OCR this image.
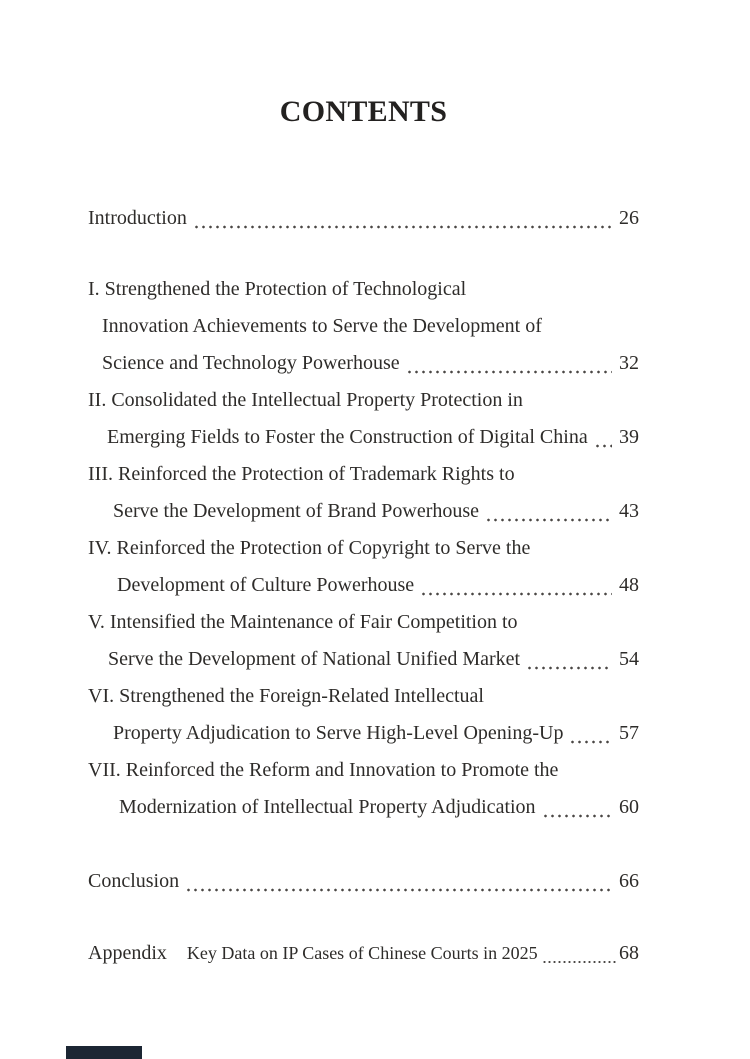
CONTENTS
Introduction	26
I. Strengthened the Protection of Technological
Innovation Achievements to Serve the Development of
Science and Technology Powerhouse	32
II. Consolidated the Intellectual Property Protection in
Emerging Fields to Foster the Construction of Digital China 39
III. Reinforced the Protection of Trademark Rights to
Serve the Development of Brand Powerhouse	43
IV. Reinforced the Protection of Copyright to Serve the
Development of Culture Powerhouse	48
V. Intensified the Maintenance of Fair Competition to
Serve the Development of National Unified Market	54
VI. Strengthened the Foreign-Related Intellectual
Property Adjudication to Serve High-Level Opening-Up	57
VII. Reinforced the Reform and Innovation to Promote the
Modernization of Intellectual Property Adjudication	60
Conclusion	66
Appendix Key Data on IP Cases of Chinese Courts in 2025	68
